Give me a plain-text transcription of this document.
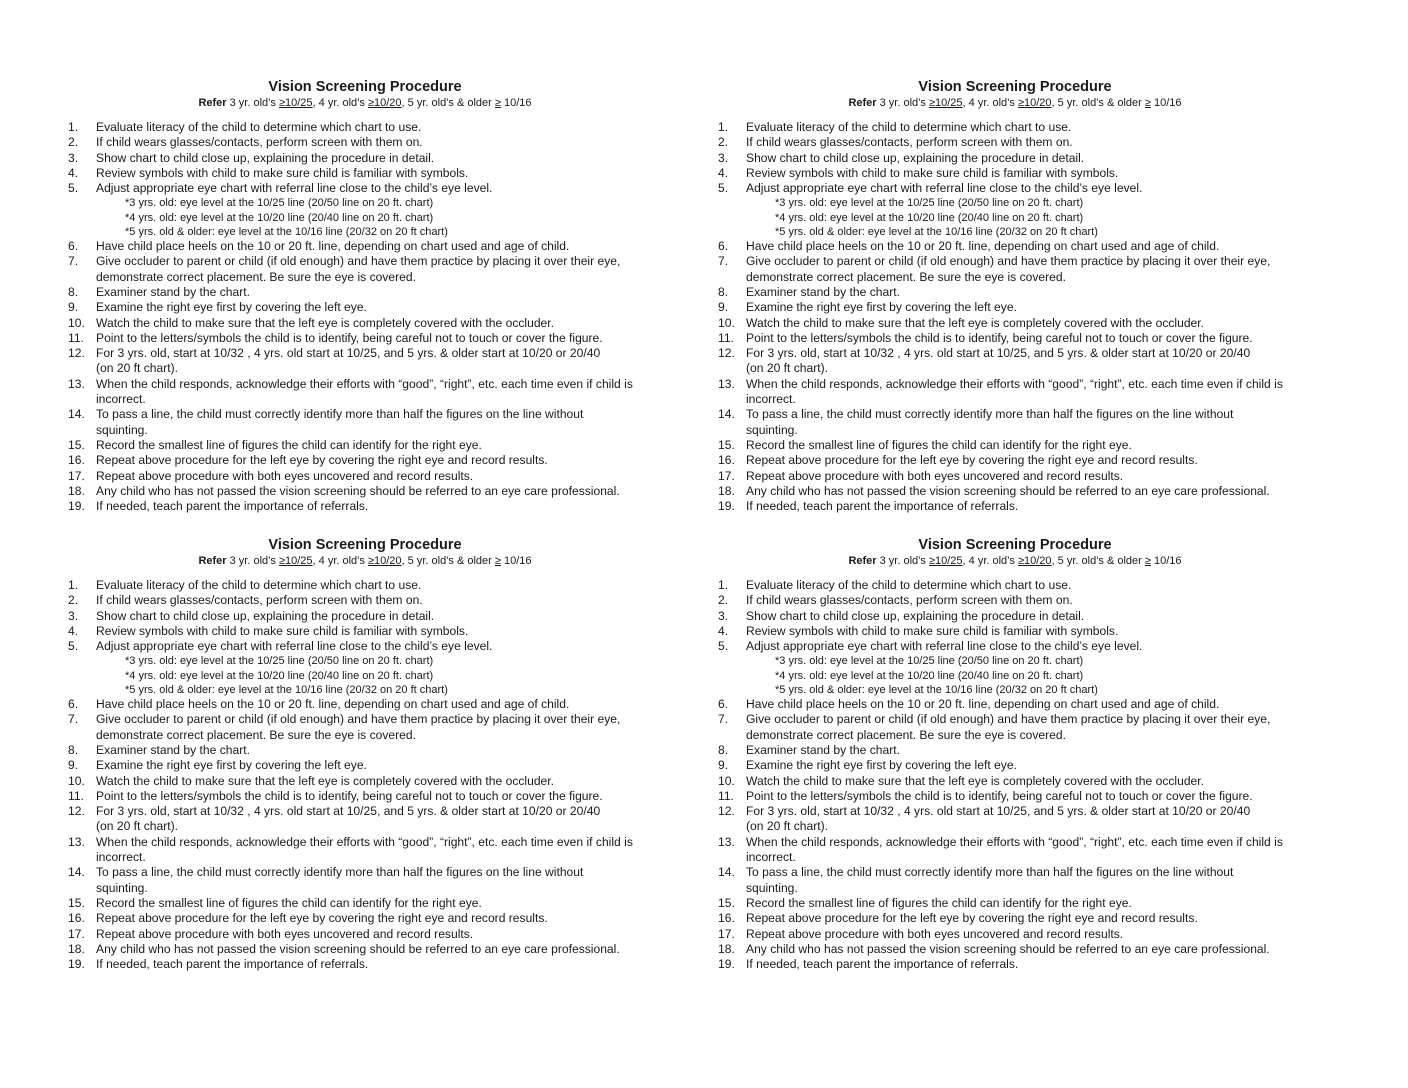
Vision Screening Procedure
Refer 3 yr. old’s ≥10/25, 4 yr. old’s ≥10/20, 5 yr. old’s & older ≥ 10/16
1. Evaluate literacy of the child to determine which chart to use.
2. If child wears glasses/contacts, perform screen with them on.
3. Show chart to child close up, explaining the procedure in detail.
4. Review symbols with child to make sure child is familiar with symbols.
5. Adjust appropriate eye chart with referral line close to the child’s eye level.
*3 yrs. old: eye level at the 10/25 line (20/50 line on 20 ft. chart)
*4 yrs. old: eye level at the 10/20 line (20/40 line on 20 ft. chart)
*5 yrs. old & older: eye level at the 10/16 line (20/32 on 20 ft chart)
6. Have child place heels on the 10 or 20 ft. line, depending on chart used and age of child.
7. Give occluder to parent or child (if old enough) and have them practice by placing it over their eye,
demonstrate correct placement. Be sure the eye is covered.
8. Examiner stand by the chart.
9. Examine the right eye first by covering the left eye.
10. Watch the child to make sure that the left eye is completely covered with the occluder.
11. Point to the letters/symbols the child is to identify, being careful not to touch or cover the figure.
12. For 3 yrs. old, start at 10/32 , 4 yrs. old start at 10/25, and 5 yrs. & older start at 10/20 or 20/40
(on 20 ft chart).
13. When the child responds, acknowledge their efforts with “good”, “right”, etc. each time even if child is
incorrect.
14. To pass a line, the child must correctly identify more than half the figures on the line without
squinting.
15. Record the smallest line of figures the child can identify for the right eye.
16. Repeat above procedure for the left eye by covering the right eye and record results.
17. Repeat above procedure with both eyes uncovered and record results.
18. Any child who has not passed the vision screening should be referred to an eye care professional.
19. If needed, teach parent the importance of referrals.
Vision Screening Procedure
Refer 3 yr. old’s ≥10/25, 4 yr. old’s ≥10/20, 5 yr. old’s & older ≥ 10/16
1. Evaluate literacy of the child to determine which chart to use.
2. If child wears glasses/contacts, perform screen with them on.
3. Show chart to child close up, explaining the procedure in detail.
4. Review symbols with child to make sure child is familiar with symbols.
5. Adjust appropriate eye chart with referral line close to the child’s eye level.
*3 yrs. old: eye level at the 10/25 line (20/50 line on 20 ft. chart)
*4 yrs. old: eye level at the 10/20 line (20/40 line on 20 ft. chart)
*5 yrs. old & older: eye level at the 10/16 line (20/32 on 20 ft chart)
6. Have child place heels on the 10 or 20 ft. line, depending on chart used and age of child.
7. Give occluder to parent or child (if old enough) and have them practice by placing it over their eye,
demonstrate correct placement. Be sure the eye is covered.
8. Examiner stand by the chart.
9. Examine the right eye first by covering the left eye.
10. Watch the child to make sure that the left eye is completely covered with the occluder.
11. Point to the letters/symbols the child is to identify, being careful not to touch or cover the figure.
12. For 3 yrs. old, start at 10/32 , 4 yrs. old start at 10/25, and 5 yrs. & older start at 10/20 or 20/40
(on 20 ft chart).
13. When the child responds, acknowledge their efforts with “good”, “right”, etc. each time even if child is
incorrect.
14. To pass a line, the child must correctly identify more than half the figures on the line without
squinting.
15. Record the smallest line of figures the child can identify for the right eye.
16. Repeat above procedure for the left eye by covering the right eye and record results.
17. Repeat above procedure with both eyes uncovered and record results.
18. Any child who has not passed the vision screening should be referred to an eye care professional.
19. If needed, teach parent the importance of referrals.
Vision Screening Procedure
Refer 3 yr. old’s ≥10/25, 4 yr. old’s ≥10/20, 5 yr. old’s & older ≥ 10/16
1. Evaluate literacy of the child to determine which chart to use.
2. If child wears glasses/contacts, perform screen with them on.
3. Show chart to child close up, explaining the procedure in detail.
4. Review symbols with child to make sure child is familiar with symbols.
5. Adjust appropriate eye chart with referral line close to the child’s eye level.
*3 yrs. old: eye level at the 10/25 line (20/50 line on 20 ft. chart)
*4 yrs. old: eye level at the 10/20 line (20/40 line on 20 ft. chart)
*5 yrs. old & older: eye level at the 10/16 line (20/32 on 20 ft chart)
6. Have child place heels on the 10 or 20 ft. line, depending on chart used and age of child.
7. Give occluder to parent or child (if old enough) and have them practice by placing it over their eye,
demonstrate correct placement. Be sure the eye is covered.
8. Examiner stand by the chart.
9. Examine the right eye first by covering the left eye.
10. Watch the child to make sure that the left eye is completely covered with the occluder.
11. Point to the letters/symbols the child is to identify, being careful not to touch or cover the figure.
12. For 3 yrs. old, start at 10/32 , 4 yrs. old start at 10/25, and 5 yrs. & older start at 10/20 or 20/40
(on 20 ft chart).
13. When the child responds, acknowledge their efforts with “good”, “right”, etc. each time even if child is
incorrect.
14. To pass a line, the child must correctly identify more than half the figures on the line without
squinting.
15. Record the smallest line of figures the child can identify for the right eye.
16. Repeat above procedure for the left eye by covering the right eye and record results.
17. Repeat above procedure with both eyes uncovered and record results.
18. Any child who has not passed the vision screening should be referred to an eye care professional.
19. If needed, teach parent the importance of referrals.
Vision Screening Procedure
Refer 3 yr. old’s ≥10/25, 4 yr. old’s ≥10/20, 5 yr. old’s & older ≥ 10/16
1. Evaluate literacy of the child to determine which chart to use.
2. If child wears glasses/contacts, perform screen with them on.
3. Show chart to child close up, explaining the procedure in detail.
4. Review symbols with child to make sure child is familiar with symbols.
5. Adjust appropriate eye chart with referral line close to the child’s eye level.
*3 yrs. old: eye level at the 10/25 line (20/50 line on 20 ft. chart)
*4 yrs. old: eye level at the 10/20 line (20/40 line on 20 ft. chart)
*5 yrs. old & older: eye level at the 10/16 line (20/32 on 20 ft chart)
6. Have child place heels on the 10 or 20 ft. line, depending on chart used and age of child.
7. Give occluder to parent or child (if old enough) and have them practice by placing it over their eye,
demonstrate correct placement. Be sure the eye is covered.
8. Examiner stand by the chart.
9. Examine the right eye first by covering the left eye.
10. Watch the child to make sure that the left eye is completely covered with the occluder.
11. Point to the letters/symbols the child is to identify, being careful not to touch or cover the figure.
12. For 3 yrs. old, start at 10/32 , 4 yrs. old start at 10/25, and 5 yrs. & older start at 10/20 or 20/40
(on 20 ft chart).
13. When the child responds, acknowledge their efforts with “good”, “right”, etc. each time even if child is
incorrect.
14. To pass a line, the child must correctly identify more than half the figures on the line without
squinting.
15. Record the smallest line of figures the child can identify for the right eye.
16. Repeat above procedure for the left eye by covering the right eye and record results.
17. Repeat above procedure with both eyes uncovered and record results.
18. Any child who has not passed the vision screening should be referred to an eye care professional.
19. If needed, teach parent the importance of referrals.
